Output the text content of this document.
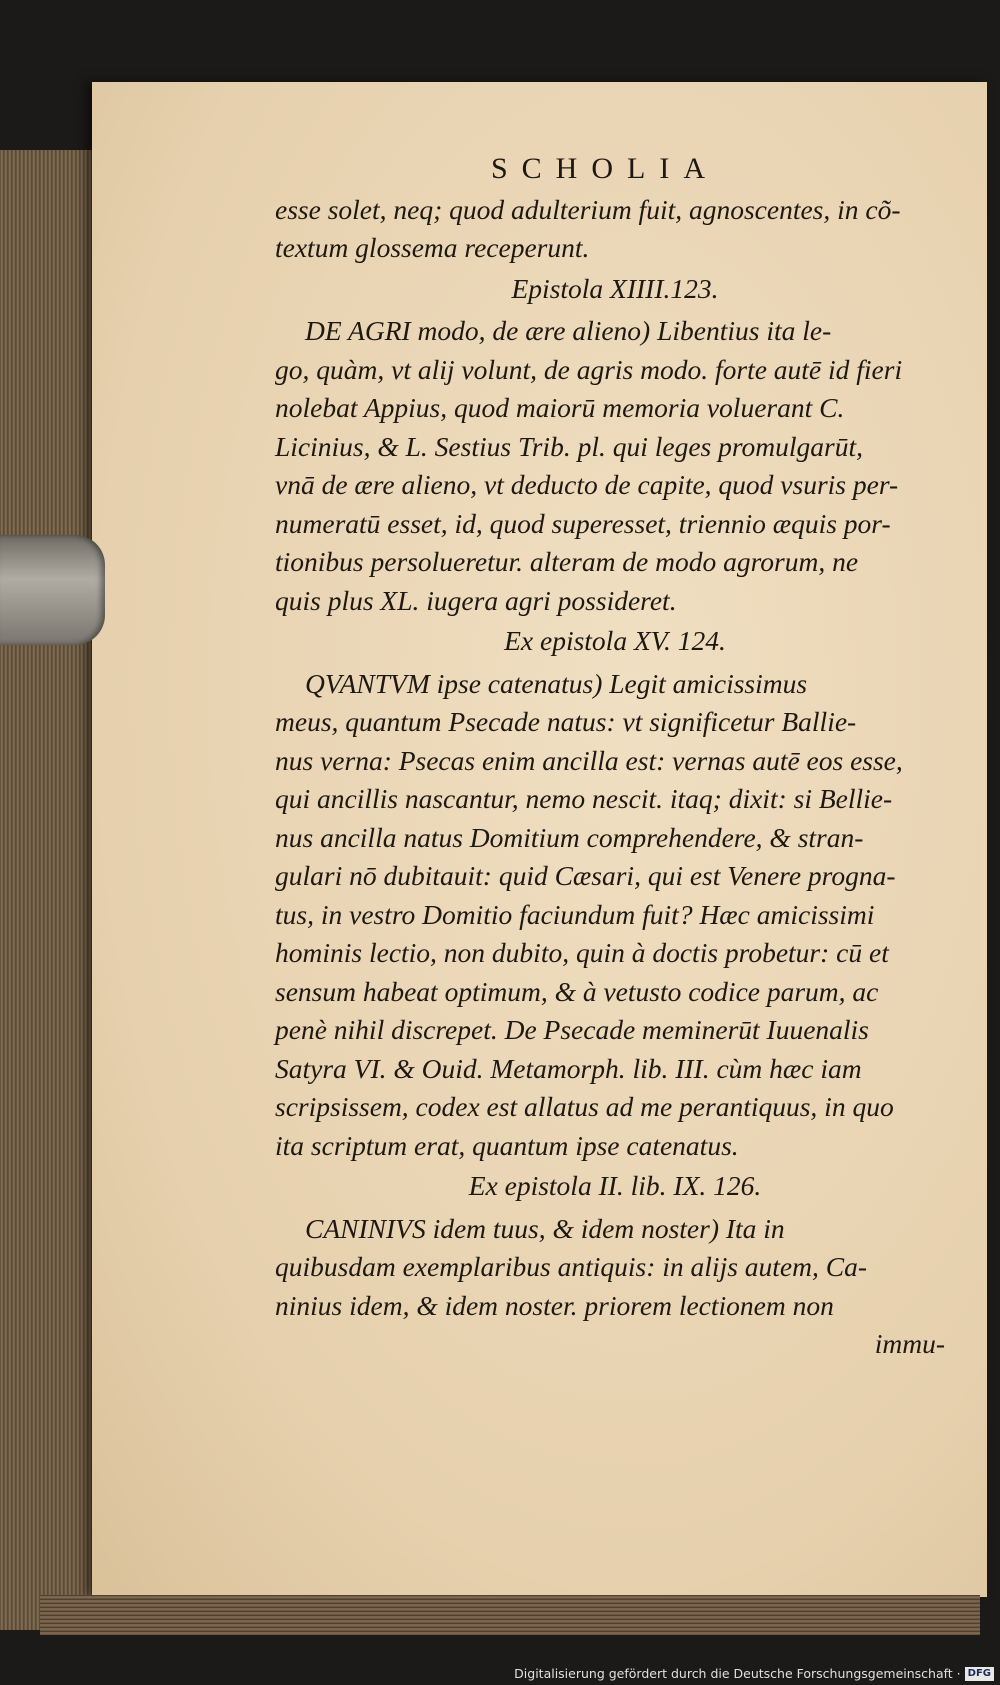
SCHOLIA
esse solet, neq; quod adulterium fuit, agnoscentes, in cõ-
textum glossema receperunt.
Epistola XIIII.123.
DE AGRI modo, de ære alieno) Libentius ita le-
go, quàm, vt alij volunt, de agris modo. forte autē id fieri
nolebat Appius, quod maiorū memoria voluerant C.
Licinius, & L. Sestius Trib. pl. qui leges promulgarūt,
vnā de ære alieno, vt deducto de capite, quod vsuris per-
numeratū esset, id, quod superesset, triennio æquis por-
tionibus persolueretur. alteram de modo agrorum, ne
quis plus XL. iugera agri possideret.
Ex epistola XV. 124.
QVANTVM ipse catenatus) Legit amicissimus
meus, quantum Psecade natus: vt significetur Ballie-
nus verna: Psecas enim ancilla est: vernas autē eos esse,
qui ancillis nascantur, nemo nescit. itaq; dixit: si Bellie-
nus ancilla natus Domitium comprehendere, & stran-
gulari nō dubitauit: quid Cæsari, qui est Venere progna-
tus, in vestro Domitio faciundum fuit? Hæc amicissimi
hominis lectio, non dubito, quin à doctis probetur: cū et
sensum habeat optimum, & à vetusto codice parum, ac
penè nihil discrepet. De Psecade meminerūt Iuuenalis
Satyra VI. & Ouid. Metamorph. lib. III. cùm hæc iam
scripsissem, codex est allatus ad me perantiquus, in quo
ita scriptum erat, quantum ipse catenatus.
Ex epistola II. lib. IX. 126.
CANINIVS idem tuus, & idem noster) Ita in
quibusdam exemplaribus antiquis: in alijs autem, Ca-
ninius idem, & idem noster. priorem lectionem non
immu-
Digitalisierung gefördert durch die Deutsche Forschungsgemeinschaft · DFG
